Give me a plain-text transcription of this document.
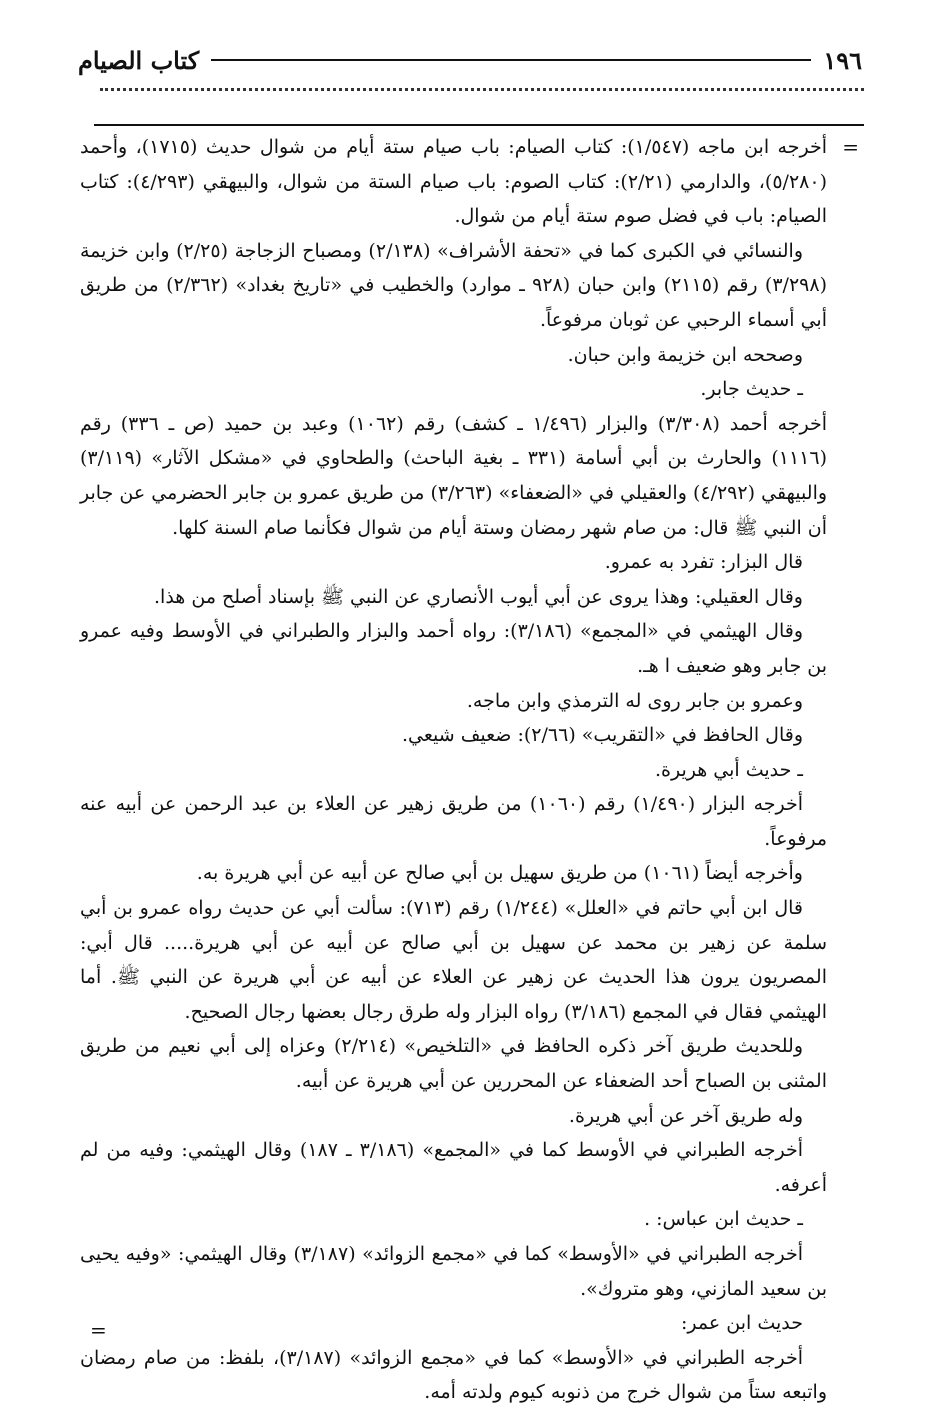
١٩٦
كتاب الصيام
=

أخرجه ابن ماجه (١/٥٤٧): كتاب الصيام: باب صيام ستة أيام من شوال حديث (١٧١٥)، وأحمد (٥/٢٨٠)، والدارمي (٢/٢١): كتاب الصوم: باب صيام الستة من شوال، والبيهقي (٤/٢٩٣): كتاب الصيام: باب في فضل صوم ستة أيام من شوال.

والنسائي في الكبرى كما في «تحفة الأشراف» (٢/١٣٨) ومصباح الزجاجة (٢/٢٥) وابن خزيمة (٣/٢٩٨) رقم (٢١١٥) وابن حبان (٩٢٨ ـ موارد) والخطيب في «تاريخ بغداد» (٢/٣٦٢) من طريق أبي أسماء الرحبي عن ثوبان مرفوعاً.

وصححه ابن خزيمة وابن حبان.

ـ حديث جابر.

أخرجه أحمد (٣/٣٠٨) والبزار (١/٤٩٦ ـ كشف) رقم (١٠٦٢) وعبد بن حميد (ص ـ ٣٣٦) رقم (١١١٦) والحارث بن أبي أسامة (٣٣١ ـ بغية الباحث) والطحاوي في «مشكل الآثار» (٣/١١٩) والبيهقي (٤/٢٩٢) والعقيلي في «الضعفاء» (٣/٢٦٣) من طريق عمرو بن جابر الحضرمي عن جابر أن النبي ﷺ قال: من صام شهر رمضان وستة أيام من شوال فكأنما صام السنة كلها.

قال البزار: تفرد به عمرو.

وقال العقيلي: وهذا يروى عن أبي أيوب الأنصاري عن النبي ﷺ بإسناد أصلح من هذا.

وقال الهيثمي في «المجمع» (٣/١٨٦): رواه أحمد والبزار والطبراني في الأوسط وفيه عمرو بن جابر وهو ضعيف ا هـ.

وعمرو بن جابر روى له الترمذي وابن ماجه.

وقال الحافظ في «التقريب» (٢/٦٦): ضعيف شيعي.

ـ حديث أبي هريرة.

أخرجه البزار (١/٤٩٠) رقم (١٠٦٠) من طريق زهير عن العلاء بن عبد الرحمن عن أبيه عنه مرفوعاً.

وأخرجه أيضاً (١٠٦١) من طريق سهيل بن أبي صالح عن أبيه عن أبي هريرة به.

قال ابن أبي حاتم في «العلل» (١/٢٤٤) رقم (٧١٣): سألت أبي عن حديث رواه عمرو بن أبي سلمة عن زهير بن محمد عن سهيل بن أبي صالح عن أبيه عن أبي هريرة..... قال أبي: المصريون يرون هذا الحديث عن زهير عن العلاء عن أبيه عن أبي هريرة عن النبي ﷺ. أما الهيثمي فقال في المجمع (٣/١٨٦) رواه البزار وله طرق رجال بعضها رجال الصحيح.

وللحديث طريق آخر ذكره الحافظ في «التلخيص» (٢/٢١٤) وعزاه إلى أبي نعيم من طريق المثنى بن الصباح أحد الضعفاء عن المحررين عن أبي هريرة عن أبيه.

وله طريق آخر عن أبي هريرة.

أخرجه الطبراني في الأوسط كما في «المجمع» (٣/١٨٦ ـ ١٨٧) وقال الهيثمي: وفيه من لم أعرفه.

ـ حديث ابن عباس: .

أخرجه الطبراني في «الأوسط» كما في «مجمع الزوائد» (٣/١٨٧) وقال الهيثمي: «وفيه يحيى بن سعيد المازني، وهو متروك».

حديث ابن عمر:

أخرجه الطبراني في «الأوسط» كما في «مجمع الزوائد» (٣/١٨٧)، بلفظ: من صام رمضان واتبعه ستاً من شوال خرج من ذنوبه كيوم ولدته أمه.

=
